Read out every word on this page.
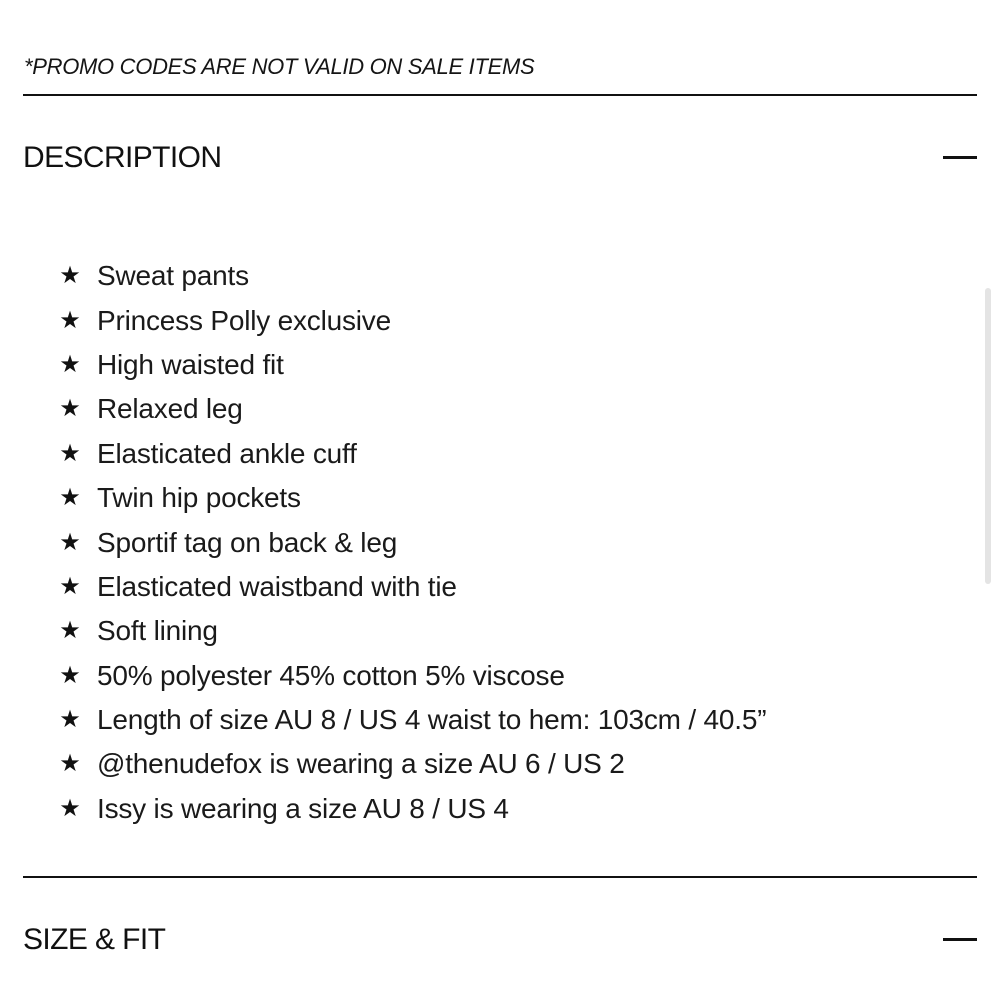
*PROMO CODES ARE NOT VALID ON SALE ITEMS
DESCRIPTION
★ Sweat pants
★ Princess Polly exclusive
★ High waisted fit
★ Relaxed leg
★ Elasticated ankle cuff
★ Twin hip pockets
★ Sportif tag on back & leg
★ Elasticated waistband with tie
★ Soft lining
★ 50% polyester 45% cotton 5% viscose
★ Length of size AU 8 / US 4 waist to hem: 103cm / 40.5”
★ @thenudefox is wearing a size AU 6 / US 2
★ Issy is wearing a size AU 8 / US 4
SIZE & FIT
